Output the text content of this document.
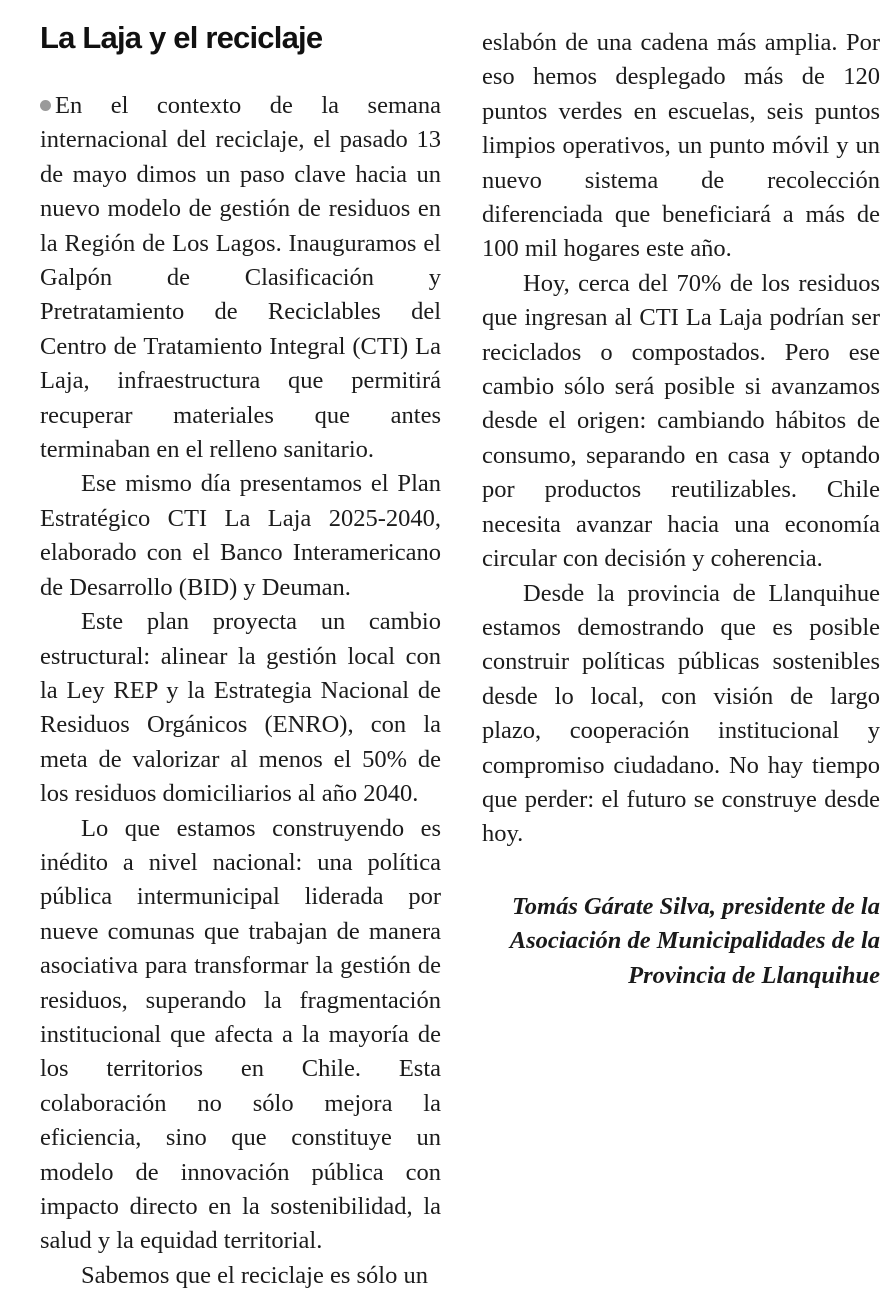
La Laja y el reciclaje

En el contexto de la semana internacional del reciclaje, el pasado 13 de mayo dimos un paso clave hacia un nuevo modelo de gestión de residuos en la Región de Los Lagos. Inauguramos el Galpón de Clasificación y Pretratamiento de Reciclables del Centro de Tratamiento Integral (CTI) La Laja, infraestructura que permitirá recuperar materiales que antes terminaban en el relleno sanitario.

Ese mismo día presentamos el Plan Estratégico CTI La Laja 2025-2040, elaborado con el Banco Interamericano de Desarrollo (BID) y Deuman.

Este plan proyecta un cambio estructural: alinear la gestión local con la Ley REP y la Estrategia Nacional de Residuos Orgánicos (ENRO), con la meta de valorizar al menos el 50% de los residuos domiciliarios al año 2040.

Lo que estamos construyendo es inédito a nivel nacional: una política pública intermunicipal liderada por nueve comunas que trabajan de manera asociativa para transformar la gestión de residuos, superando la fragmentación institucional que afecta a la mayoría de los territorios en Chile. Esta colaboración no sólo mejora la eficiencia, sino que constituye un modelo de innovación pública con impacto directo en la sostenibilidad, la salud y la equidad territorial.

Sabemos que el reciclaje es sólo un

eslabón de una cadena más amplia. Por eso hemos desplegado más de 120 puntos verdes en escuelas, seis puntos limpios operativos, un punto móvil y un nuevo sistema de recolección diferenciada que beneficiará a más de 100 mil hogares este año.

Hoy, cerca del 70% de los residuos que ingresan al CTI La Laja podrían ser reciclados o compostados. Pero ese cambio sólo será posible si avanzamos desde el origen: cambiando hábitos de consumo, separando en casa y optando por productos reutilizables. Chile necesita avanzar hacia una economía circular con decisión y coherencia.

Desde la provincia de Llanquihue estamos demostrando que es posible construir políticas públicas sostenibles desde lo local, con visión de largo plazo, cooperación institucional y compromiso ciudadano. No hay tiempo que perder: el futuro se construye desde hoy.

Tomás Gárate Silva, presidente de la
Asociación de Municipalidades de la
Provincia de Llanquihue
